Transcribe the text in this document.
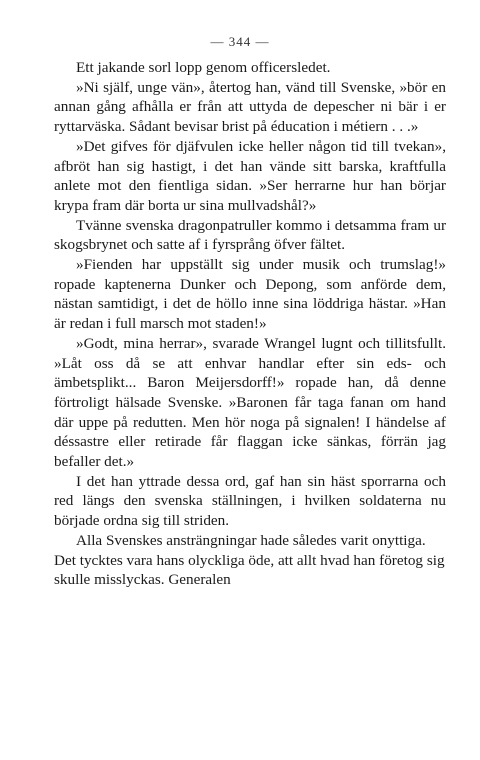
— 344 —

Ett jakande sorl lopp genom officersledet.

»Ni själf, unge vän», återtog han, vänd till Svenske, »bör en annan gång afhålla er från att uttyda de depescher ni bär i er ryttarväska. Sådant bevisar brist på éducation i métiern . . .»

»Det gifves för djäfvulen icke heller någon tid till tvekan», afbröt han sig hastigt, i det han vände sitt barska, kraftfulla anlete mot den fientliga sidan. »Ser herrarne hur han börjar krypa fram där borta ur sina mullvadshål?»

Tvänne svenska dragonpatruller kommo i detsamma fram ur skogsbrynet och satte af i fyrsprång öfver fältet.

»Fienden har uppställt sig under musik och trumslag!» ropade kaptenerna Dunker och Depong, som anförde dem, nästan samtidigt, i det de höllo inne sina löddriga hästar. »Han är redan i full marsch mot staden!»

»Godt, mina herrar», svarade Wrangel lugnt och tillitsfullt. »Låt oss då se att enhvar handlar efter sin eds- och ämbetsplikt... Baron Meijersdorff!» ropade han, då denne förtroligt hälsade Svenske. »Baronen får taga fanan om hand där uppe på redutten. Men hör noga på signalen! I händelse af déssastre eller retirade får flaggan icke sänkas, förrän jag befaller det.»

I det han yttrade dessa ord, gaf han sin häst sporrarna och red längs den svenska ställningen, i hvilken soldaterna nu började ordna sig till striden.

Alla Svenskes ansträngningar hade således varit onyttiga. Det tycktes vara hans olyckliga öde, att allt hvad han företog sig skulle misslyckas. Generalen
